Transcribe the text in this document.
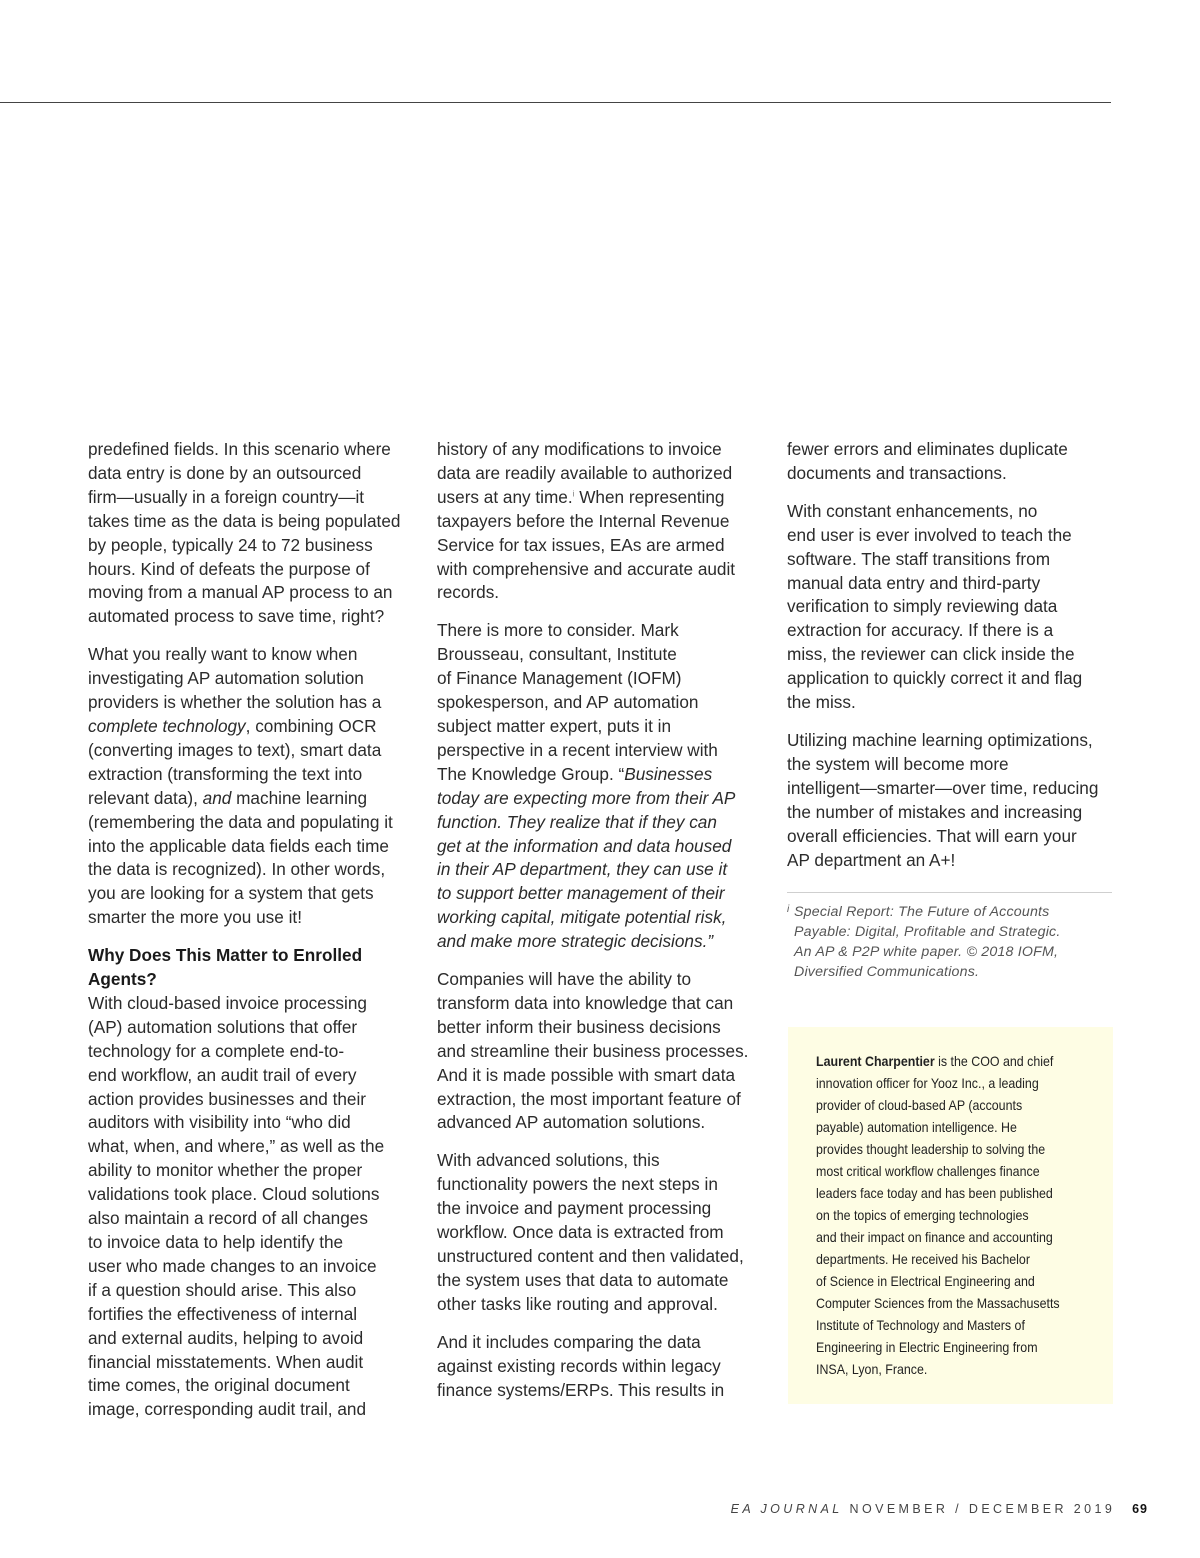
predefined fields. In this scenario where
data entry is done by an outsourced
firm—usually in a foreign country—it
takes time as the data is being populated
by people, typically 24 to 72 business
hours. Kind of defeats the purpose of
moving from a manual AP process to an
automated process to save time, right?

What you really want to know when
investigating AP automation solution
providers is whether the solution has a
complete technology, combining OCR
(converting images to text), smart data
extraction (transforming the text into
relevant data), and machine learning
(remembering the data and populating it
into the applicable data fields each time
the data is recognized). In other words,
you are looking for a system that gets
smarter the more you use it!

Why Does This Matter to Enrolled
Agents?

With cloud-based invoice processing
(AP) automation solutions that offer
technology for a complete end-to-
end workflow, an audit trail of every
action provides businesses and their
auditors with visibility into “who did
what, when, and where,” as well as the
ability to monitor whether the proper
validations took place. Cloud solutions
also maintain a record of all changes
to invoice data to help identify the
user who made changes to an invoice
if a question should arise. This also
fortifies the effectiveness of internal
and external audits, helping to avoid
financial misstatements. When audit
time comes, the original document
image, corresponding audit trail, and

history of any modifications to invoice
data are readily available to authorized
users at any time.$^i$ When representing
taxpayers before the Internal Revenue
Service for tax issues, EAs are armed
with comprehensive and accurate audit
records.

There is more to consider. Mark
Brousseau, consultant, Institute
of Finance Management (IOFM)
spokesperson, and AP automation
subject matter expert, puts it in
perspective in a recent interview with
The Knowledge Group. “Businesses
today are expecting more from their AP
function. They realize that if they can
get at the information and data housed
in their AP department, they can use it
to support better management of their
working capital, mitigate potential risk,
and make more strategic decisions.”

Companies will have the ability to
transform data into knowledge that can
better inform their business decisions
and streamline their business processes.
And it is made possible with smart data
extraction, the most important feature of
advanced AP automation solutions.

With advanced solutions, this
functionality powers the next steps in
the invoice and payment processing
workflow. Once data is extracted from
unstructured content and then validated,
the system uses that data to automate
other tasks like routing and approval.

And it includes comparing the data
against existing records within legacy
finance systems/ERPs. This results in

fewer errors and eliminates duplicate
documents and transactions.

With constant enhancements, no
end user is ever involved to teach the
software. The staff transitions from
manual data entry and third-party
verification to simply reviewing data
extraction for accuracy. If there is a
miss, the reviewer can click inside the
application to quickly correct it and flag
the miss.

Utilizing machine learning optimizations,
the system will become more
intelligent—smarter—over time, reducing
the number of mistakes and increasing
overall efficiencies. That will earn your
AP department an A+!

i Special Report: The Future of Accounts
Payable: Digital, Profitable and Strategic.
An AP & P2P white paper. © 2018 IOFM,
Diversified Communications.

Laurent Charpentier is the COO and chief
innovation officer for Yooz Inc., a leading
provider of cloud-based AP (accounts
payable) automation intelligence. He
provides thought leadership to solving the
most critical workflow challenges finance
leaders face today and has been published
on the topics of emerging technologies
and their impact on finance and accounting
departments. He received his Bachelor
of Science in Electrical Engineering and
Computer Sciences from the Massachusetts
Institute of Technology and Masters of
Engineering in Electric Engineering from
INSA, Lyon, France.

EA JOURNAL NOVEMBER / DECEMBER 2019 69
